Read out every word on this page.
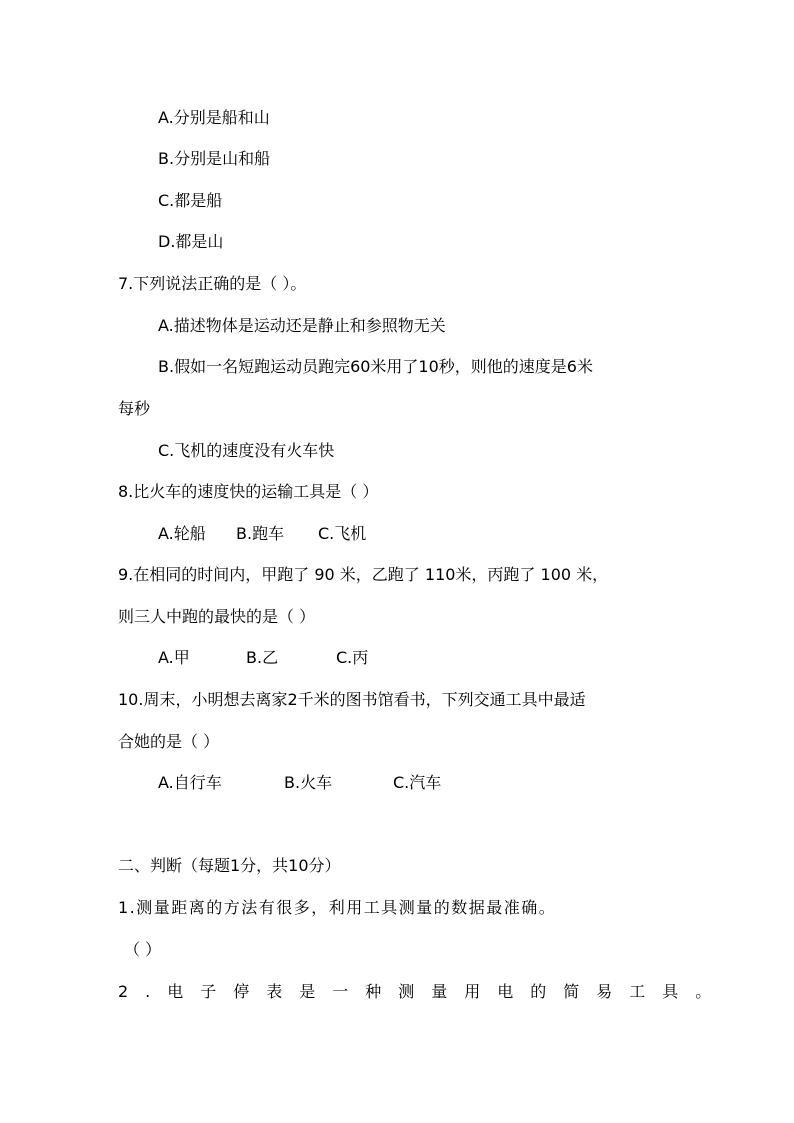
A.分别是船和山
B.分别是山和船
C.都是船
D.都是山
7.下列说法正确的是（ ）。
A.描述物体是运动还是静止和参照物无关
B.假如一名短跑运动员跑完60米用了10秒，则他的速度是6米
每秒
C.飞机的速度没有火车快
8.比火车的速度快的运输工具是（ ）
A.轮船 B.跑车 C.飞机
9.在相同的时间内，甲跑了 90 米，乙跑了 110米，丙跑了 100 米，
则三人中跑的最快的是（ ）
A.甲	B.乙	C.丙
10.周末，小明想去离家2千米的图书馆看书，下列交通工具中最适
合她的是（ ）
A.自行车	B.火车	C.汽车
二、判断（每题1分，共10分）
1.测量距离的方法有很多，利用工具测量的数据最准确。
（ ）
2.电子停表是一种测量用电的简易工具。
